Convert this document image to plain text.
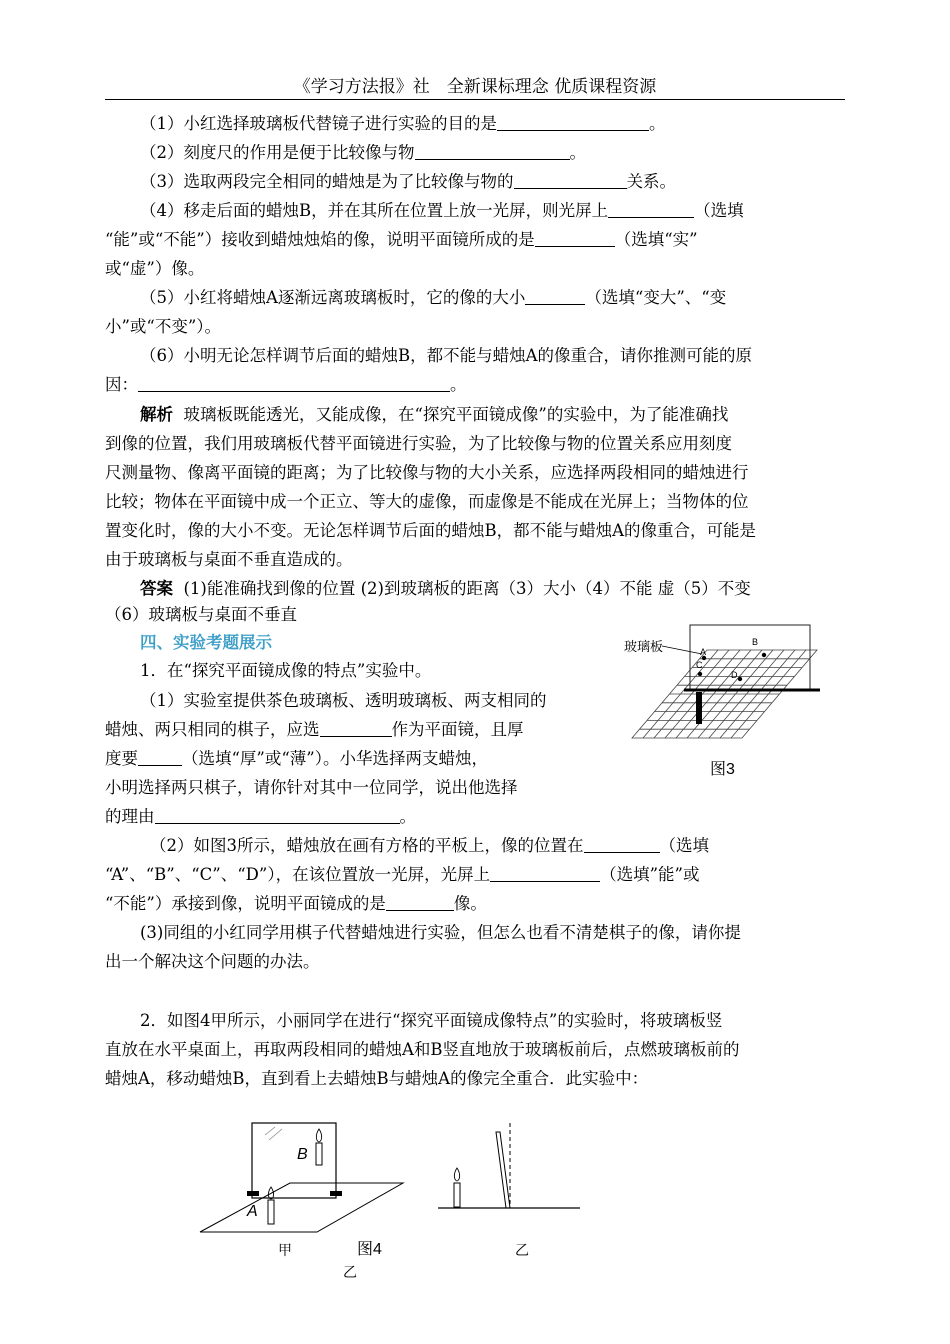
《学习方法报》社　全新课标理念 优质课程资源
（1）小红选择玻璃板代替镜子进行实验的目的是	。
（2）刻度尺的作用是便于比较像与物	。
（3）选取两段完全相同的蜡烛是为了比较像与物的	关系。
（4）移走后面的蜡烛B，并在其所在位置上放一光屏，则光屏上	（选填
“能”或“不能”）接收到蜡烛烛焰的像，说明平面镜所成的是	（选填“实”
或“虚”）像。
（5）小红将蜡烛A逐渐远离玻璃板时，它的像的大小	（选填“变大”、“变
小”或“不变”）。
（6）小明无论怎样调节后面的蜡烛B，都不能与蜡烛A的像重合，请你推测可能的原
因：	。
解析 玻璃板既能透光，又能成像，在“探究平面镜成像”的实验中，为了能准确找
到像的位置，我们用玻璃板代替平面镜进行实验，为了比较像与物的位置关系应用刻度
尺测量物、像离平面镜的距离；为了比较像与物的大小关系，应选择两段相同的蜡烛进行
比较；物体在平面镜中成一个正立、等大的虚像，而虚像是不能成在光屏上；当物体的位
置变化时，像的大小不变。无论怎样调节后面的蜡烛B，都不能与蜡烛A的像重合，可能是
由于玻璃板与桌面不垂直造成的。
答案 (1)能准确找到像的位置 (2)到玻璃板的距离（3）大小（4）不能 虚（5）不变
（6）玻璃板与桌面不垂直
四、实验考题展示
1．在“探究平面镜成像的特点”实验中。
（1）实验室提供茶色玻璃板、透明玻璃板、两支相同的
蜡烛、两只相同的棋子，应选	作为平面镜，且厚
度要	（选填“厚”或“薄”）。小华选择两支蜡烛，
小明选择两只棋子，请你针对其中一位同学，说出他选择
的理由	。
（2）如图3所示，蜡烛放在画有方格的平板上，像的位置在	（选填
“A”、“B”、“C”、“D”），在该位置放一光屏，光屏上	（选填”能”或
“不能”）承接到像，说明平面镜成的是	像。
(3)同组的小红同学用棋子代替蜡烛进行实验，但怎么也看不清楚棋子的像，请你提
出一个解决这个问题的办法。
2．如图4甲所示，小丽同学在进行“探究平面镜成像特点”的实验时，将玻璃板竖
直放在水平桌面上，再取两段相同的蜡烛A和B竖直地放于玻璃板前后，点燃玻璃板前的
蜡烛A，移动蜡烛B，直到看上去蜡烛B与蜡烛A的像完全重合．此实验中：
玻璃板	A
B
C
D
图3
B
A
图4
甲	乙
乙
